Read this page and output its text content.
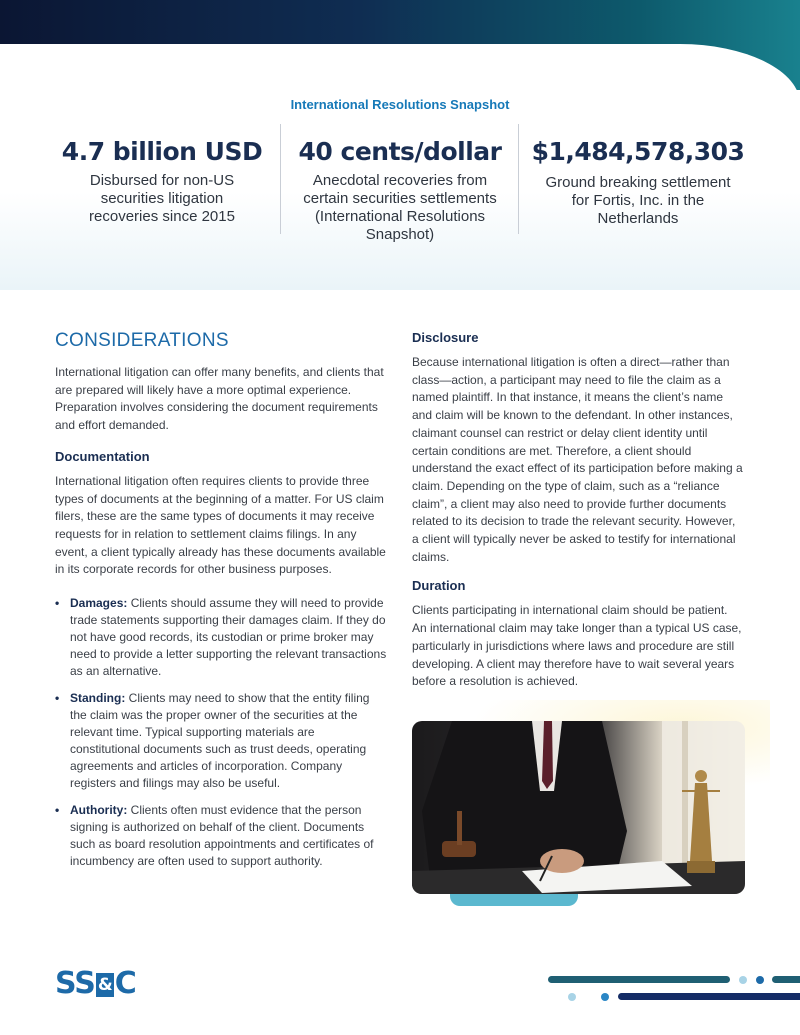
International Resolutions Snapshot
4.7 billion USD
Disbursed for non-US securities litigation recoveries since 2015
40 cents/dollar
Anecdotal recoveries from certain securities settlements (International Resolutions Snapshot)
$1,484,578,303
Ground breaking settlement for Fortis, Inc. in the Netherlands
CONSIDERATIONS

International litigation can offer many benefits, and clients that are prepared will likely have a more optimal experience. Preparation involves considering the document requirements and effort demanded.

Documentation

International litigation often requires clients to provide three types of documents at the beginning of a matter. For US claim filers, these are the same types of documents it may receive requests for in relation to settlement claims filings. In any event, a client typically already has these documents available in its corporate records for other business purposes.

• Damages: Clients should assume they will need to provide trade statements supporting their damages claim. If they do not have good records, its custodian or prime broker may need to provide a letter supporting the relevant transactions as an alternative.
• Standing: Clients may need to show that the entity filing the claim was the proper owner of the securities at the relevant time. Typical supporting materials are constitutional documents such as trust deeds, operating agreements and articles of incorporation. Company registers and filings may also be useful.
• Authority: Clients often must evidence that the person signing is authorized on behalf of the client. Documents such as board resolution appointments and certificates of incumbency are often used to support authority.
Disclosure

Because international litigation is often a direct—rather than class—action, a participant may need to file the claim as a named plaintiff. In that instance, it means the client’s name and claim will be known to the defendant. In other instances, claimant counsel can restrict or delay client identity until certain conditions are met. Therefore, a client should understand the exact effect of its participation before making a claim. Depending on the type of claim, such as a “reliance claim”, a client may also need to provide further documents related to its decision to trade the relevant security. However, a client will typically never be asked to testify for international claims.

Duration

Clients participating in international claim should be patient. An international claim may take longer than a typical US case, particularly in jurisdictions where laws and procedure are still developing. A client may therefore have to wait several years before a resolution is achieved.

SS & C
